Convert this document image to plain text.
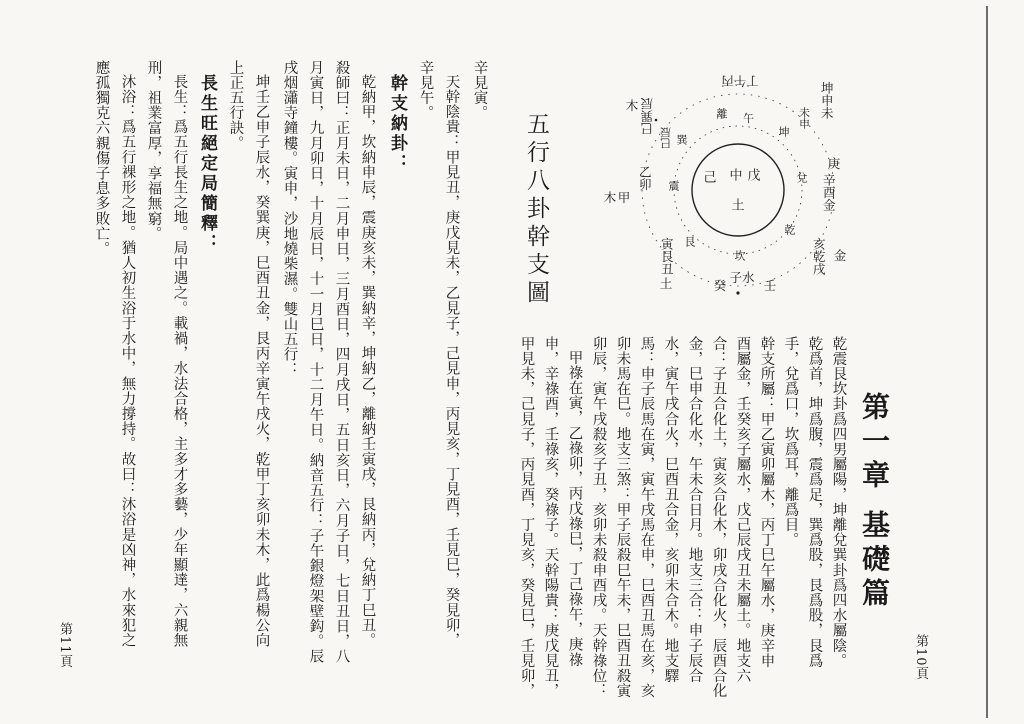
第一章 基礎篇
乾震艮坎卦爲四男屬陽，坤離兌巽卦爲四水屬陰。
乾爲首，坤爲腹，震爲足，巽爲股，艮爲股，艮爲
手，兌爲口，坎爲耳，離爲目。
幹支所屬：甲乙寅卯屬木，丙丁巳午屬水，庚辛申
酉屬金，壬癸亥子屬水，戊己辰戌丑未屬土。地支六
合：子丑合化土，寅亥合化木，卯戌合化火，辰酉合化
金，巳申合化水，午未合日月。地支三合：申子辰合
水，寅午戌合火，巳酉丑合金，亥卯未合木。地支驛
馬：申子辰馬在寅，寅午戌馬在申，巳酉丑馬在亥，亥
卯未馬在巳。地支三煞：甲子辰殺巳午未，巳酉丑殺寅
卯辰，寅午戌殺亥子丑，亥卯未殺申酉戌。天幹祿位：
甲祿在寅，乙祿卯，丙戊祿巳，丁己祿午，庚祿
申，辛祿酉，壬祿亥，癸祿子。天幹陽貴：庚戊見丑，
甲見未，己見子，丙見酉，丁見亥，癸見巳，壬見卯，
五行八卦幹支圖	戊
中
己
土
午
丁午丙
離
坤
未申 坤申未
庚
兌 辛酉金
乾
亥乾戌 金
壬
坎
子水
癸
艮
寅艮丑
土
乙卯
甲
木
震
巽
巳辰
巳巽辰
木
第10頁
辛見寅。
天幹陰貴：甲見丑，庚戊見未，乙見子，己見申，丙見亥，丁見酉，壬見巳，癸見卯，
辛見午。
幹支納卦：
乾納甲，坎納申辰，震庚亥未，巽納辛，坤納乙，離納壬寅戌，艮納丙，兌納丁巳丑。
殺師曰：正月未日，二月申日，三月酉日，四月戌日，五日亥日，六月子日，七日丑日，八
月寅日，九月卯日，十月辰日，十一月巳日，十二月午日。納音五行：子午銀燈架壁鈎。辰
戌烟瀟寺鐘樓。寅申，沙地燒柴濕。雙山五行：
坤壬乙申子辰水，癸巽庚，巳酉丑金，艮丙辛寅午戌火，乾甲丁亥卯未木，此爲楊公向
上正五行訣。
長生旺絕定局簡釋：
長生：爲五行長生之地。局中遇之。載禍，水法合格，主多才多藝，少年顯達，六親無
刑，祖業富厚，享福無窮。
沐浴：爲五行裸形之地。猶人初生浴于水中，無力撐持。故曰：沐浴是凶神，水來犯之
應孤獨克六親傷子息多敗亡。
第11頁
